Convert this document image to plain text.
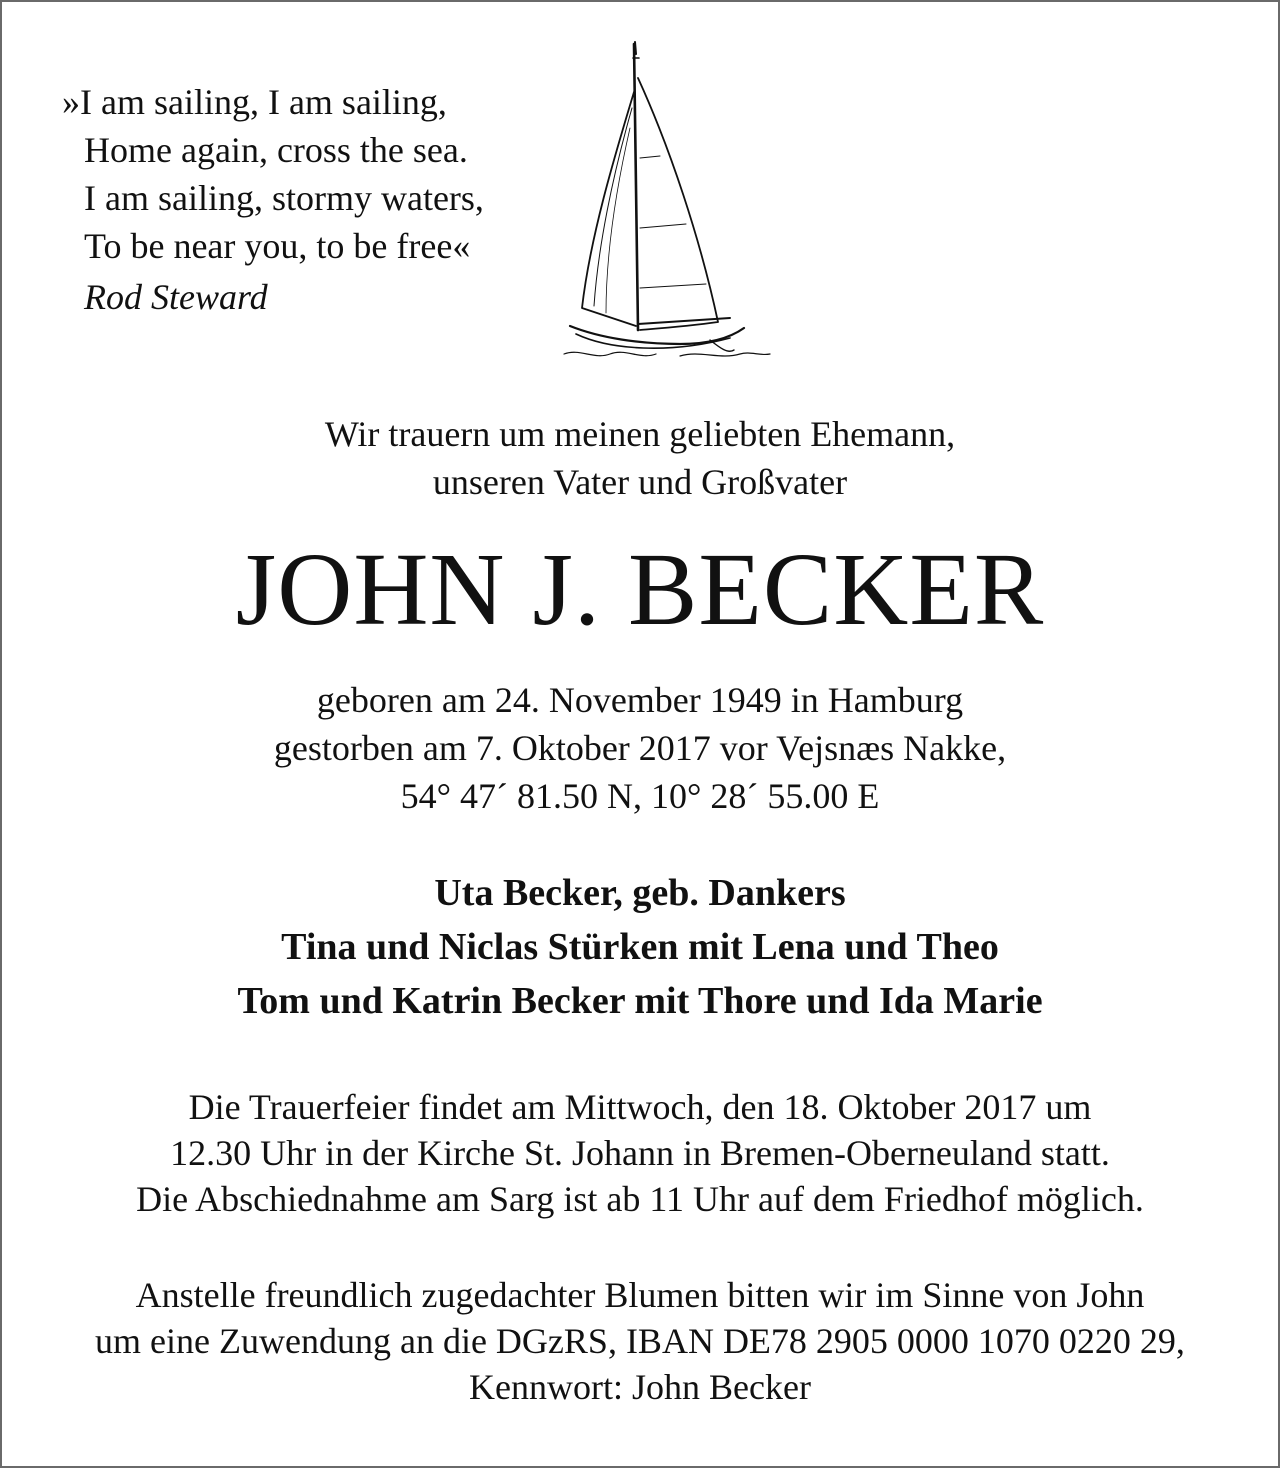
»I am sailing, I am sailing,
Home again, cross the sea.
I am sailing, stormy waters,
To be near you, to be free«
Rod Steward
Wir trauern um meinen geliebten Ehemann,
unseren Vater und Großvater
JOHN J. BECKER
geboren am 24. November 1949 in Hamburg
gestorben am 7. Oktober 2017 vor Vejsnæs Nakke,
54° 47´ 81.50 N, 10° 28´ 55.00 E
Uta Becker, geb. Dankers
Tina und Niclas Stürken mit Lena und Theo
Tom und Katrin Becker mit Thore und Ida Marie
Die Trauerfeier findet am Mittwoch, den 18. Oktober 2017 um
12.30 Uhr in der Kirche St. Johann in Bremen-Oberneuland statt.
Die Abschiednahme am Sarg ist ab 11 Uhr auf dem Friedhof möglich.
Anstelle freundlich zugedachter Blumen bitten wir im Sinne von John
um eine Zuwendung an die DGzRS, IBAN DE78 2905 0000 1070 0220 29,
Kennwort: John Becker
